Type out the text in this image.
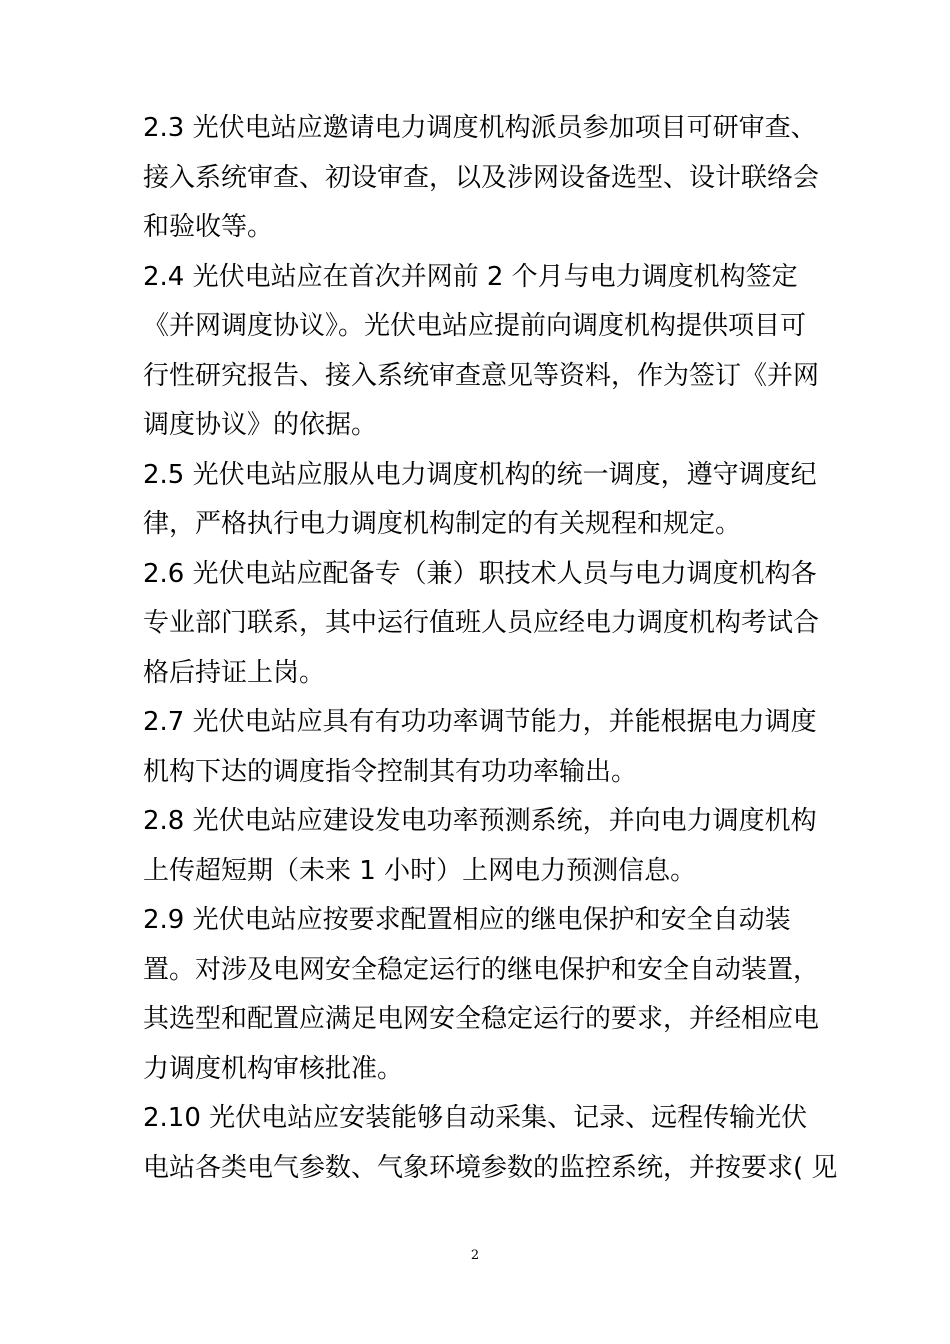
2.3 光伏电站应邀请电力调度机构派员参加项目可研审查、
接入系统审查、初设审查，以及涉网设备选型、设计联络会
和验收等。
2.4 光伏电站应在首次并网前 2 个月与电力调度机构签定
《并网调度协议》。光伏电站应提前向调度机构提供项目可
行性研究报告、接入系统审查意见等资料，作为签订《并网
调度协议》的依据。
2.5 光伏电站应服从电力调度机构的统一调度，遵守调度纪
律，严格执行电力调度机构制定的有关规程和规定。
2.6 光伏电站应配备专（兼）职技术人员与电力调度机构各
专业部门联系，其中运行值班人员应经电力调度机构考试合
格后持证上岗。
2.7 光伏电站应具有有功功率调节能力，并能根据电力调度
机构下达的调度指令控制其有功功率输出。
2.8 光伏电站应建设发电功率预测系统，并向电力调度机构
上传超短期（未来 1 小时）上网电力预测信息。
2.9 光伏电站应按要求配置相应的继电保护和安全自动装
置。对涉及电网安全稳定运行的继电保护和安全自动装置，
其选型和配置应满足电网安全稳定运行的要求，并经相应电
力调度机构审核批准。
2.10 光伏电站应安装能够自动采集、记录、远程传输光伏
电站各类电气参数、气象环境参数的监控系统，并按要求( 见
2
